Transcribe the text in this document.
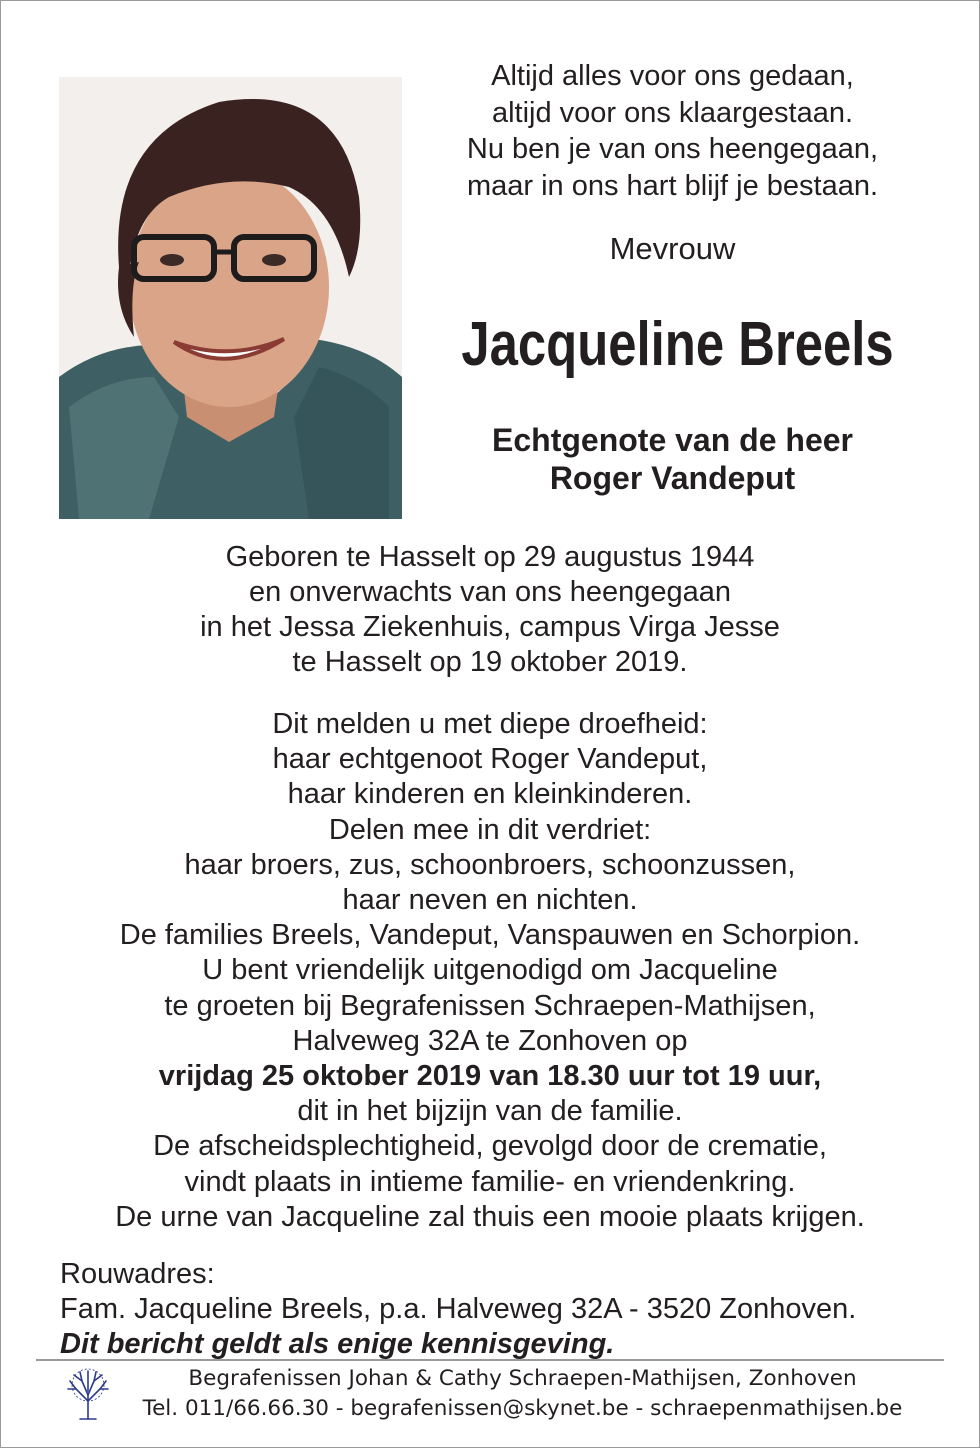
Altijd alles voor ons gedaan,
altijd voor ons klaargestaan.
Nu ben je van ons heengegaan,
maar in ons hart blijf je bestaan.
Mevrouw
Jacqueline Breels
Echtgenote van de heer
Roger Vandeput
Geboren te Hasselt op 29 augustus 1944
en onverwachts van ons heengegaan
in het Jessa Ziekenhuis, campus Virga Jesse
te Hasselt op 19 oktober 2019.
Dit melden u met diepe droefheid:
haar echtgenoot Roger Vandeput,
haar kinderen en kleinkinderen.
Delen mee in dit verdriet:
haar broers, zus, schoonbroers, schoonzussen,
haar neven en nichten.
De families Breels, Vandeput, Vanspauwen en Schorpion.
U bent vriendelijk uitgenodigd om Jacqueline
te groeten bij Begrafenissen Schraepen-Mathijsen,
Halveweg 32A te Zonhoven op
vrijdag 25 oktober 2019 van 18.30 uur tot 19 uur,
dit in het bijzijn van de familie.
De afscheidsplechtigheid, gevolgd door de crematie,
vindt plaats in intieme familie- en vriendenkring.
De urne van Jacqueline zal thuis een mooie plaats krijgen.
Rouwadres:
Fam. Jacqueline Breels, p.a. Halveweg 32A - 3520 Zonhoven.
Dit bericht geldt als enige kennisgeving.
Begrafenissen Johan & Cathy Schraepen-Mathijsen, Zonhoven
Tel. 011/66.66.30 - begrafenissen@skynet.be - schraepenmathijsen.be
